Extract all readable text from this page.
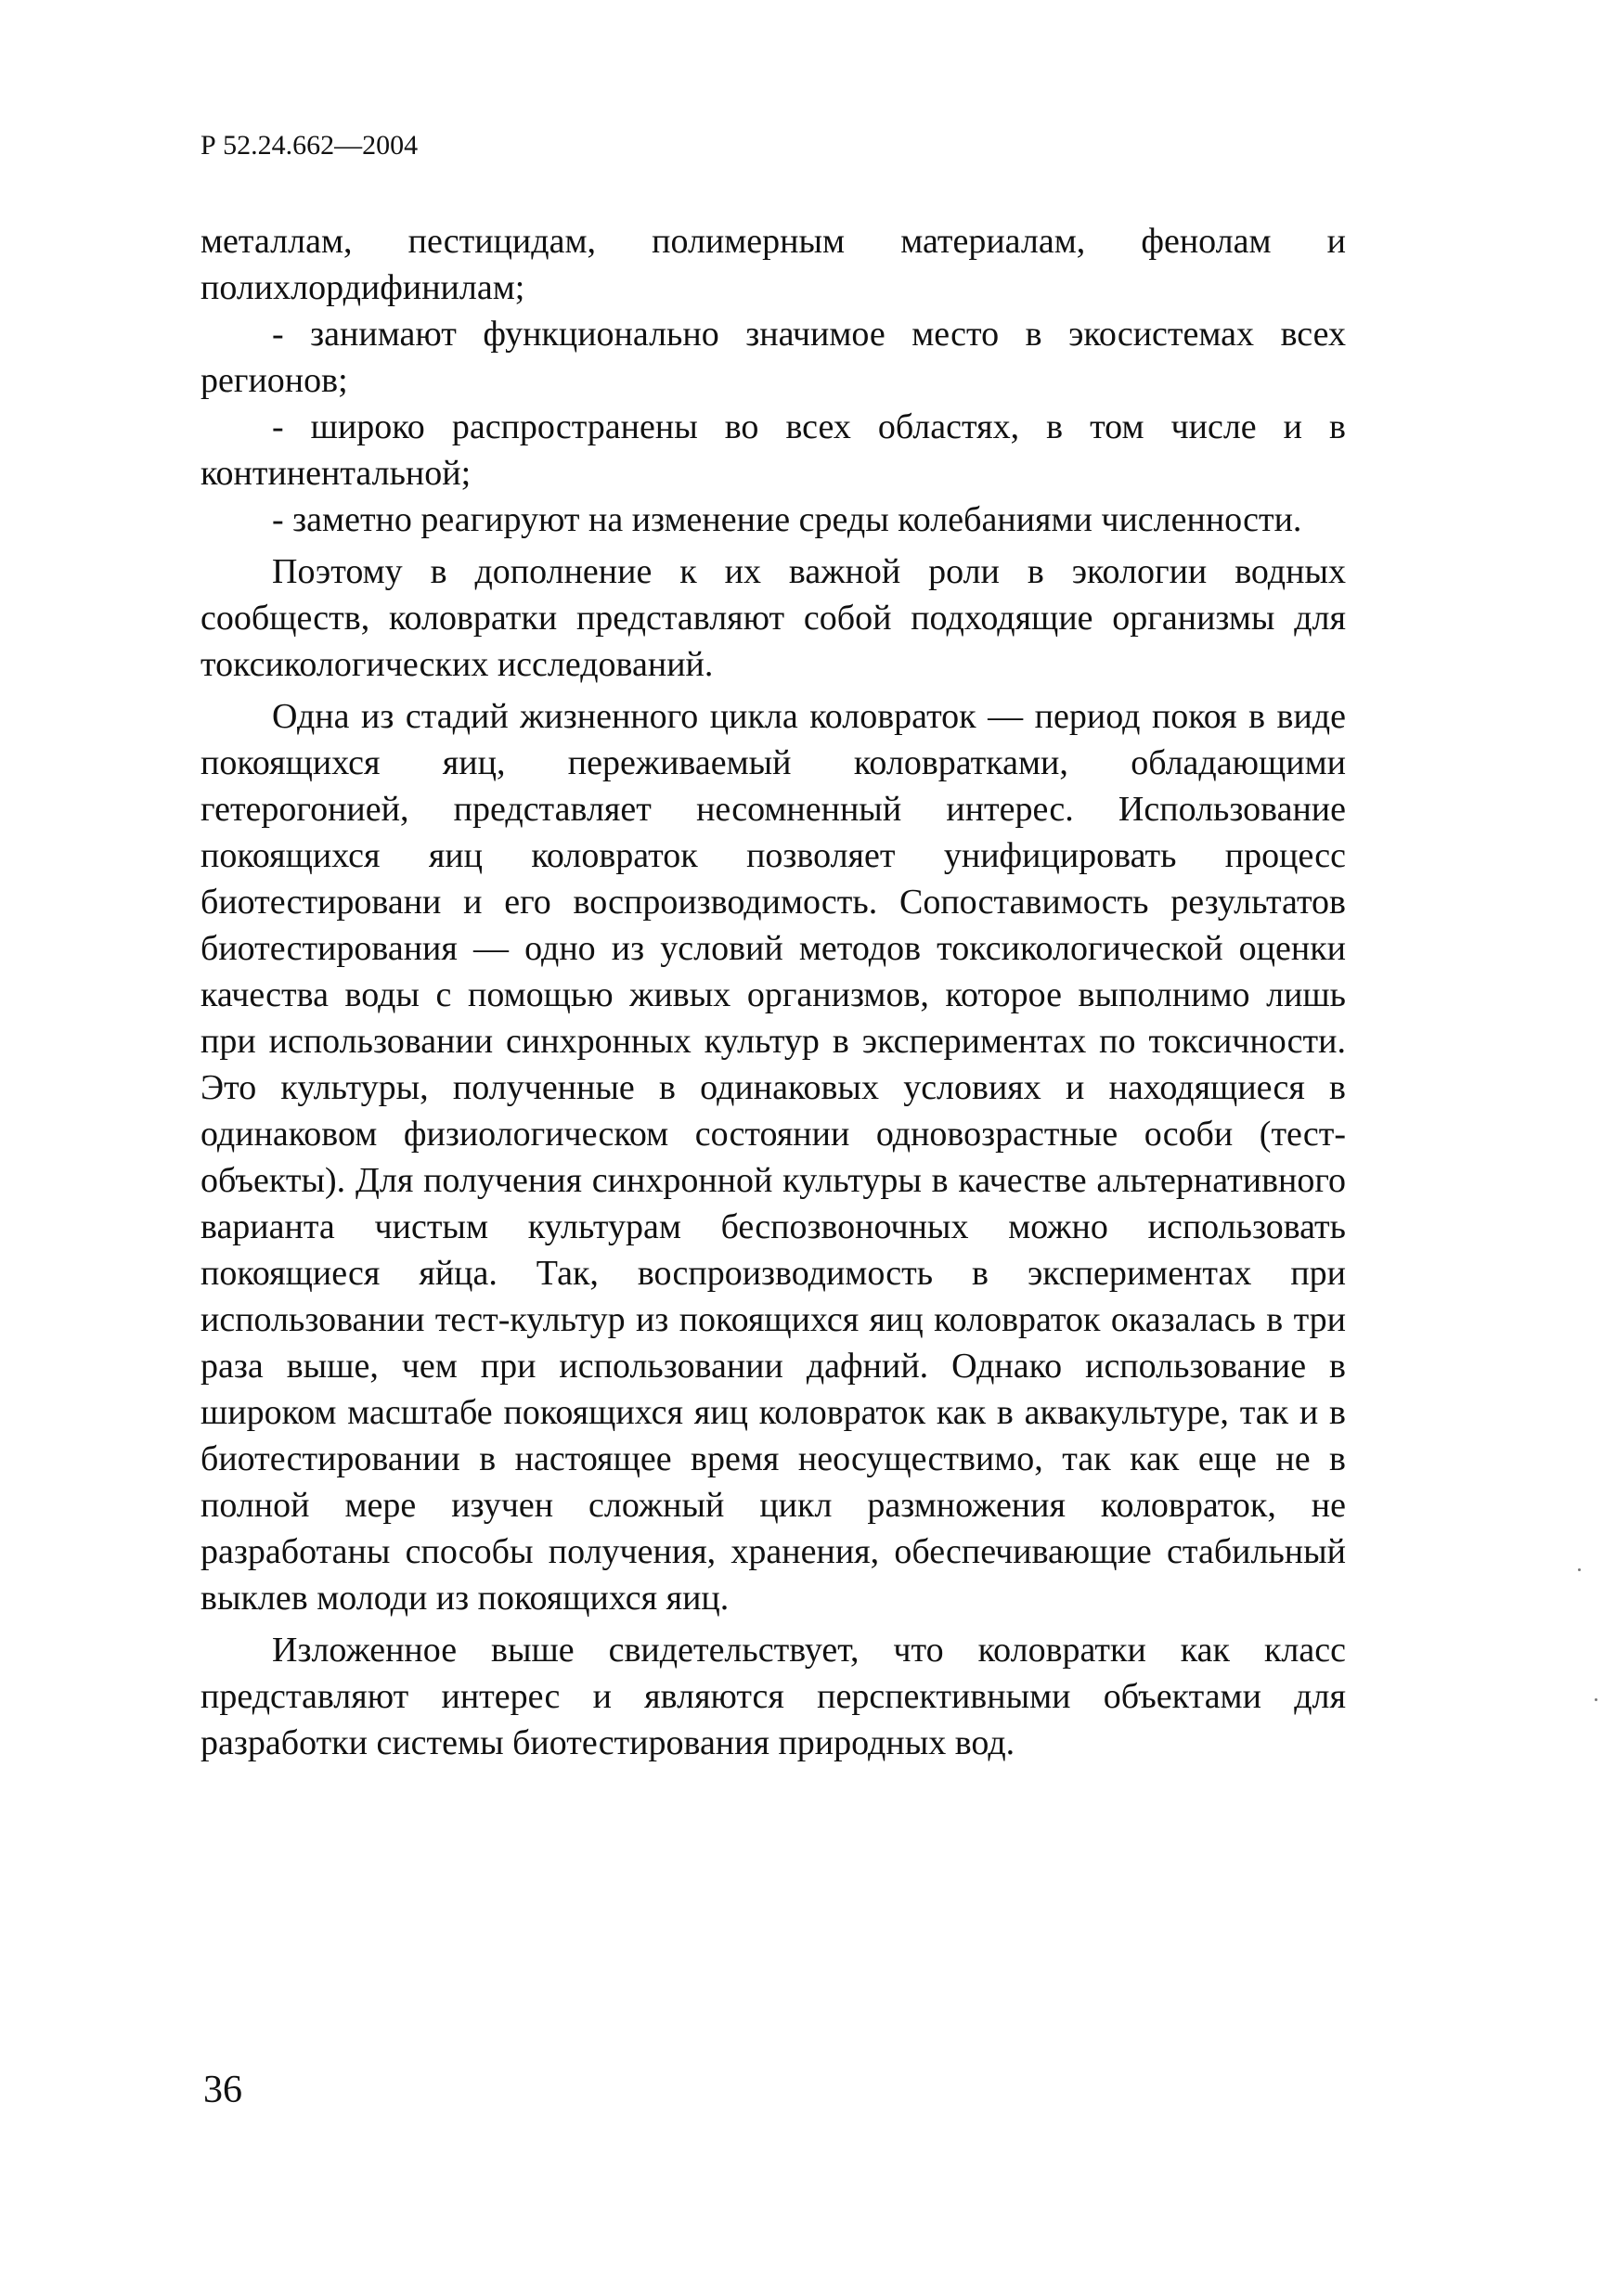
Р 52.24.662—2004

металлам, пестицидам, полимерным материалам, фенолам и полихлордифинилам;

- занимают функционально значимое место в экосистемах всех регионов;

- широко распространены во всех областях, в том числе и в континентальной;

- заметно реагируют на изменение среды колебаниями численности.

Поэтому в дополнение к их важной роли в экологии водных сообществ, коловратки представляют собой подходящие организмы для токсикологических исследований.

Одна из стадий жизненного цикла коловраток — период покоя в виде покоящихся яиц, переживаемый коловратками, обладающими гетерогонией, представляет несомненный интерес. Использование покоящихся яиц коловраток позволяет унифицировать процесс биотестировани и его воспроизводимость. Сопоставимость результатов биотестирования — одно из условий методов токсикологической оценки качества воды с помощью живых организмов, которое выполнимо лишь при использовании синхронных культур в экспериментах по токсичности. Это культуры, полученные в одинаковых условиях и находящиеся в одинаковом физиологическом состоянии одновозрастные особи (тест-объекты). Для получения синхронной культуры в качестве альтернативного варианта чистым культурам беспозвоночных можно использовать покоящиеся яйца. Так, воспроизводимость в экспериментах при использовании тест-культур из покоящихся яиц коловраток оказалась в три раза выше, чем при использовании дафний. Однако использование в широком масштабе покоящихся яиц коловраток как в аквакультуре, так и в биотестировании в настоящее время неосуществимо, так как еще не в полной мере изучен сложный цикл размножения коловраток, не разработаны способы получения, хранения, обеспечивающие стабильный выклев молоди из покоящихся яиц.

Изложенное выше свидетельствует, что коловратки как класс представляют интерес и являются перспективными объектами для разработки системы биотестирования природных вод.

36
